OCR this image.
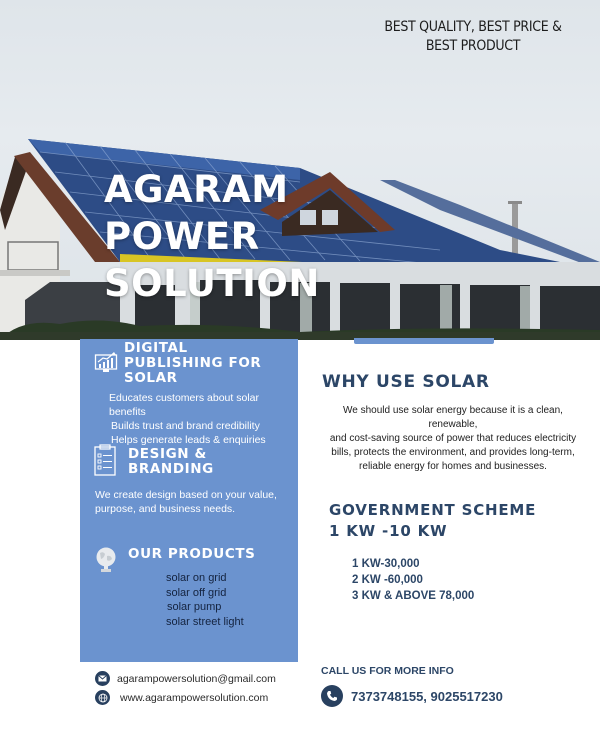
BEST QUALITY, BEST PRICE &
BEST PRODUCT
AGARAM
POWER
SOLUTION
DIGITAL
PUBLISHING FOR
SOLAR
Educates customers about solar benefits
Builds trust and brand credibility
Helps generate leads & enquiries
DESIGN &
BRANDING
We create design based on your value,
purpose, and business needs.
OUR PRODUCTS
solar on grid
solar off grid
solar pump
solar street light
WHY USE SOLAR
We should use solar energy because it is a clean, renewable,
and cost-saving source of power that reduces electricity
bills, protects the environment, and provides long-term,
reliable energy for homes and businesses.
GOVERNMENT SCHEME
1 KW -10 KW
1 KW-30,000
2 KW -60,000
3 KW & ABOVE 78,000
agarampowersolution@gmail.com
www.agarampowersolution.com
CALL US FOR MORE INFO
7373748155, 9025517230
